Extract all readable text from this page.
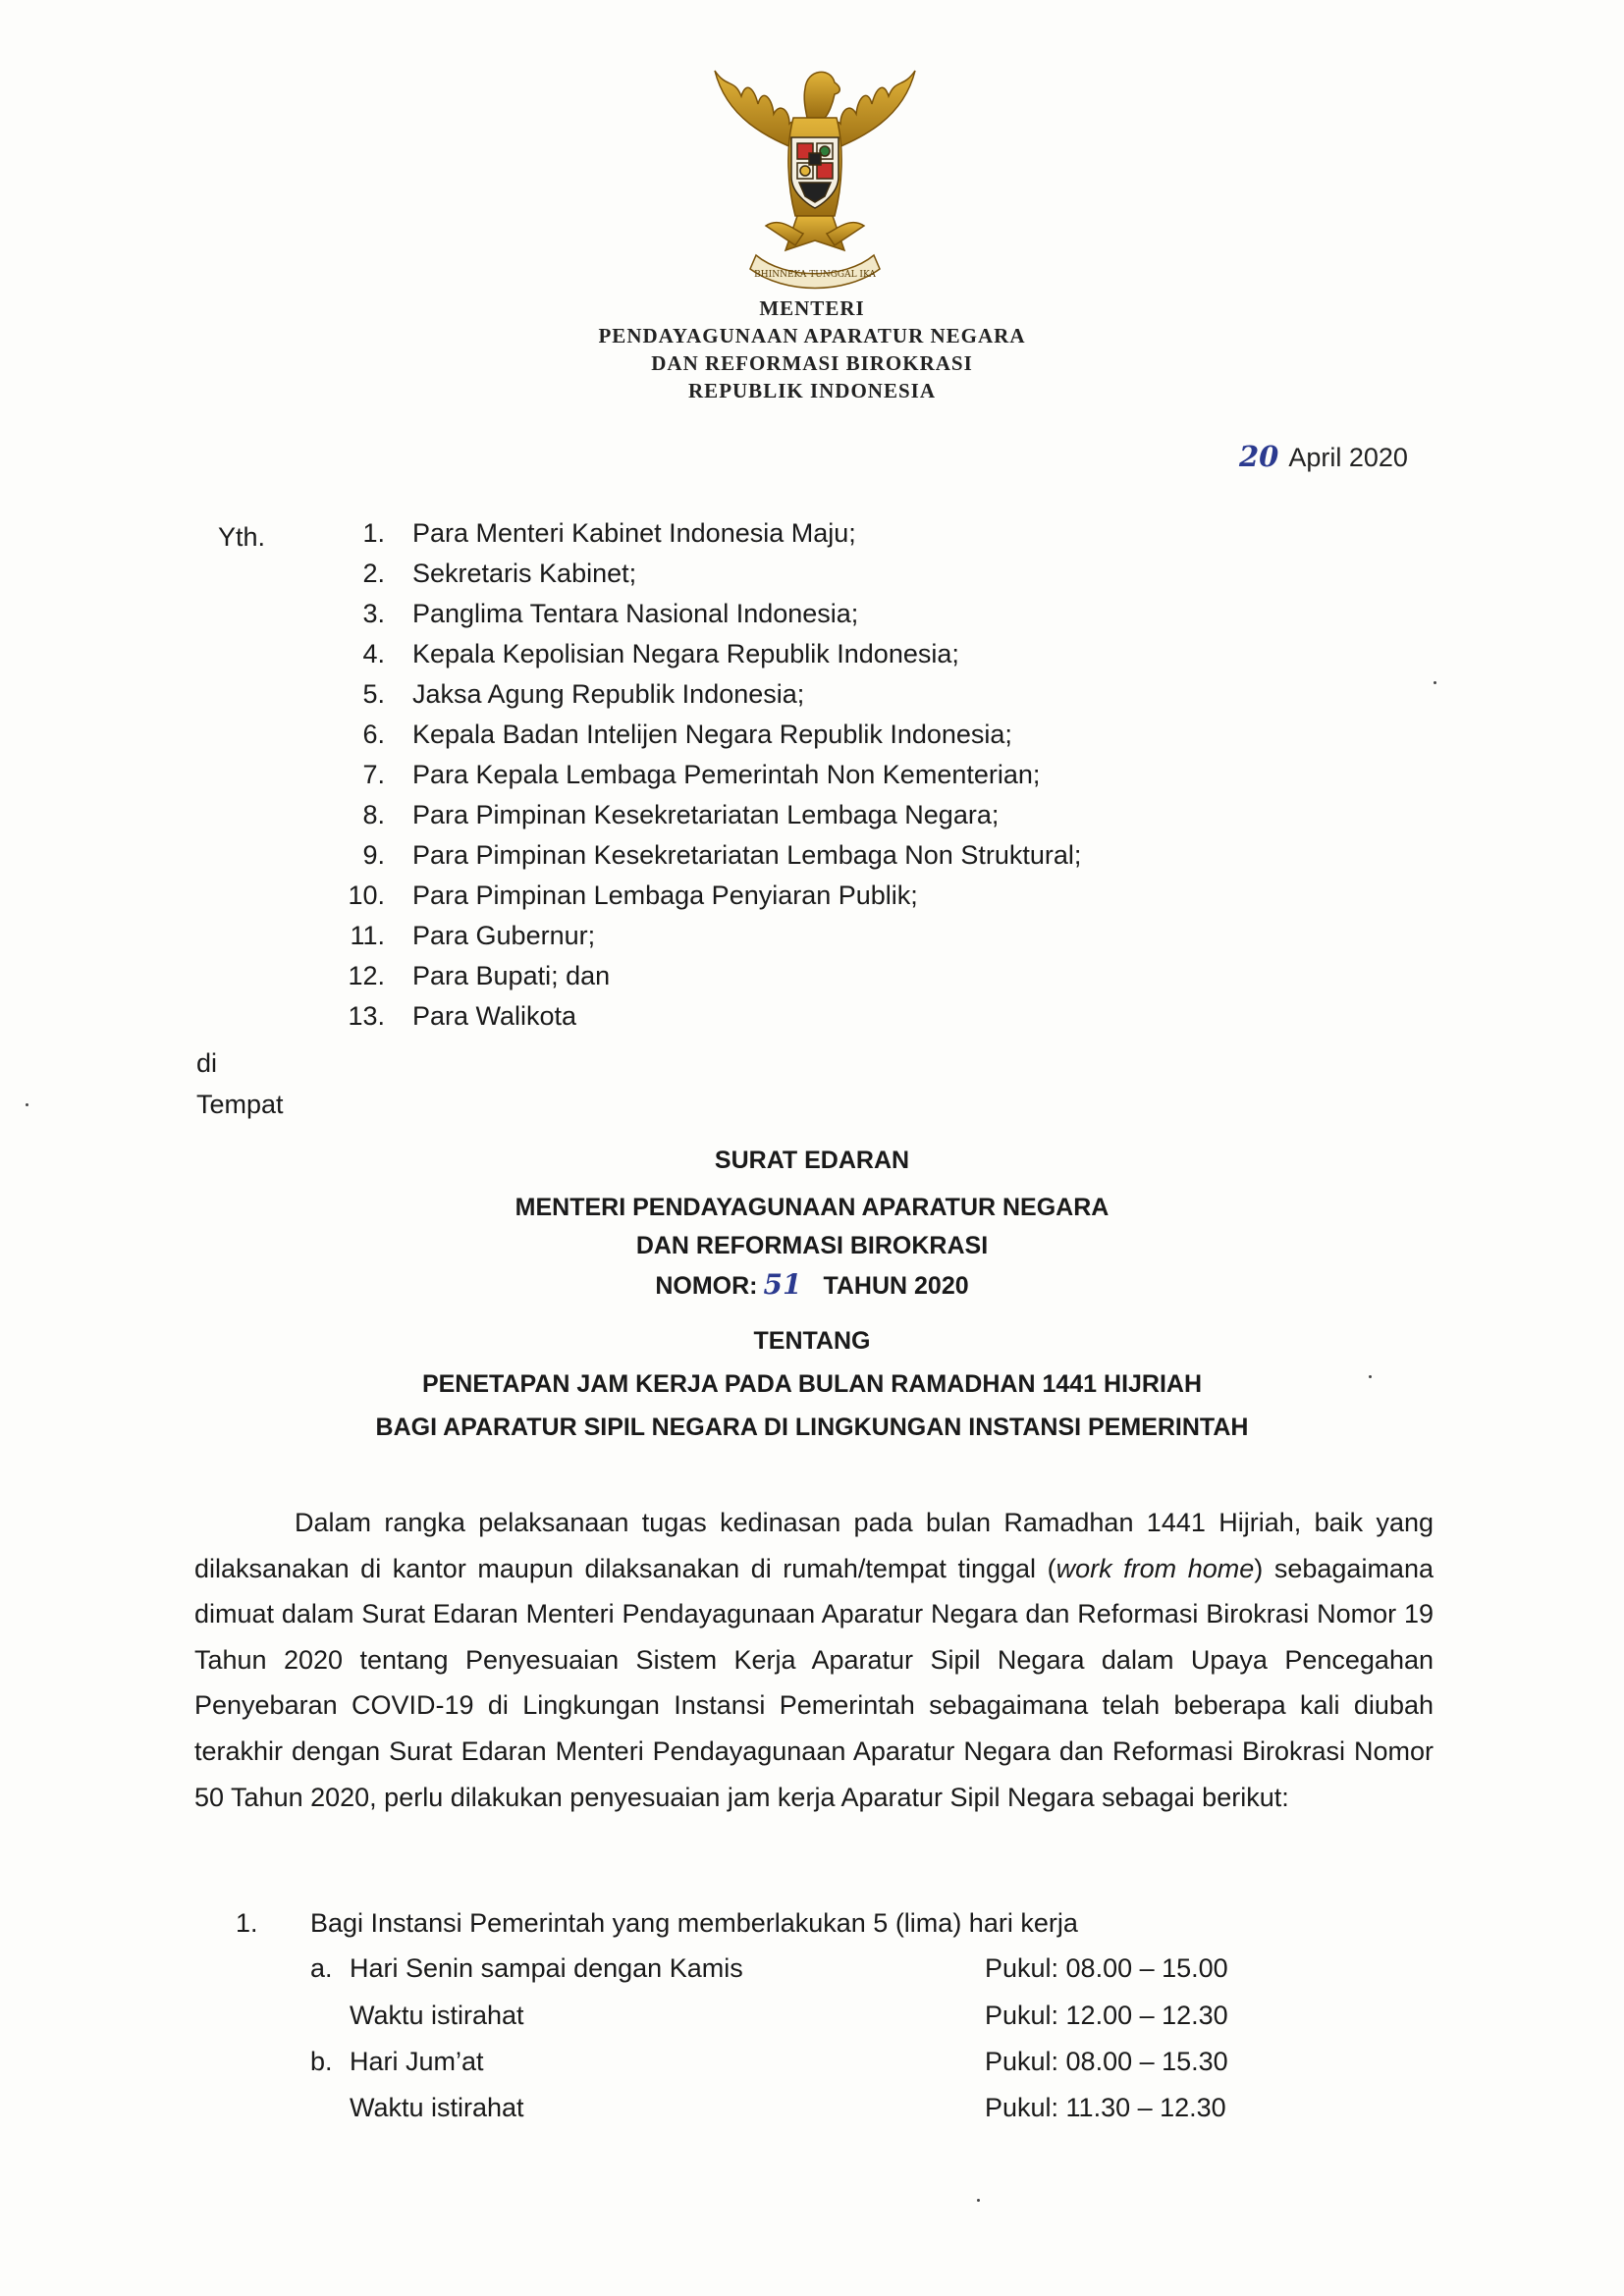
BHINNEKA TUNGGAL IKA
MENTERI
PENDAYAGUNAAN APARATUR NEGARA
DAN REFORMASI BIROKRASI
REPUBLIK INDONESIA
20 April 2020
Yth.	1. Para Menteri Kabinet Indonesia Maju;
2. Sekretaris Kabinet;
3. Panglima Tentara Nasional Indonesia;
4. Kepala Kepolisian Negara Republik Indonesia;
5. Jaksa Agung Republik Indonesia;
6. Kepala Badan Intelijen Negara Republik Indonesia;
7. Para Kepala Lembaga Pemerintah Non Kementerian;
8. Para Pimpinan Kesekretariatan Lembaga Negara;
9. Para Pimpinan Kesekretariatan Lembaga Non Struktural;
10. Para Pimpinan Lembaga Penyiaran Publik;
11. Para Gubernur;
12. Para Bupati; dan
13. Para Walikota
di
Tempat
SURAT EDARAN
MENTERI PENDAYAGUNAAN APARATUR NEGARA
DAN REFORMASI BIROKRASI
NOMOR: 51 TAHUN 2020
TENTANG
PENETAPAN JAM KERJA PADA BULAN RAMADHAN 1441 HIJRIAH
BAGI APARATUR SIPIL NEGARA DI LINGKUNGAN INSTANSI PEMERINTAH

Dalam rangka pelaksanaan tugas kedinasan pada bulan Ramadhan 1441 Hijriah, baik yang dilaksanakan di kantor maupun dilaksanakan di rumah/tempat tinggal (work from home) sebagaimana dimuat dalam Surat Edaran Menteri Pendayagunaan Aparatur Negara dan Reformasi Birokrasi Nomor 19 Tahun 2020 tentang Penyesuaian Sistem Kerja Aparatur Sipil Negara dalam Upaya Pencegahan Penyebaran COVID-19 di Lingkungan Instansi Pemerintah sebagaimana telah beberapa kali diubah terakhir dengan Surat Edaran Menteri Pendayagunaan Aparatur Negara dan Reformasi Birokrasi Nomor 50 Tahun 2020, perlu dilakukan penyesuaian jam kerja Aparatur Sipil Negara sebagai berikut:

1. Bagi Instansi Pemerintah yang memberlakukan 5 (lima) hari kerja
a. Hari Senin sampai dengan Kamis	Pukul: 08.00 – 15.00
Waktu istirahat	Pukul: 12.00 – 12.30
b. Hari Jum’at	Pukul: 08.00 – 15.30
Waktu istirahat	Pukul: 11.30 – 12.30
